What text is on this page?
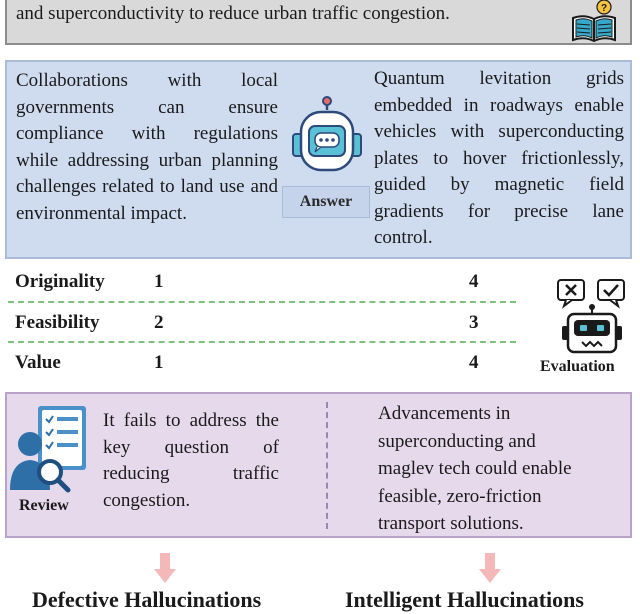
and superconductivity to reduce urban traffic congestion.	?
Collaborations with local governments can ensure compliance with regulations while addressing urban planning challenges related to land use and environmental impact.
Quantum levitation grids embedded in roadways enable vehicles with superconducting plates to hover frictionlessly, guided by magnetic field gradients for precise lane control.
Answer
Originality	1	4
Feasibility	2	3
Value	1	4	Evaluation
Review
It fails to address the key question of reducing traffic congestion.
Advancements in superconducting and maglev tech could enable feasible, zero-friction transport solutions.
Defective Hallucinations	Intelligent Hallucinations
